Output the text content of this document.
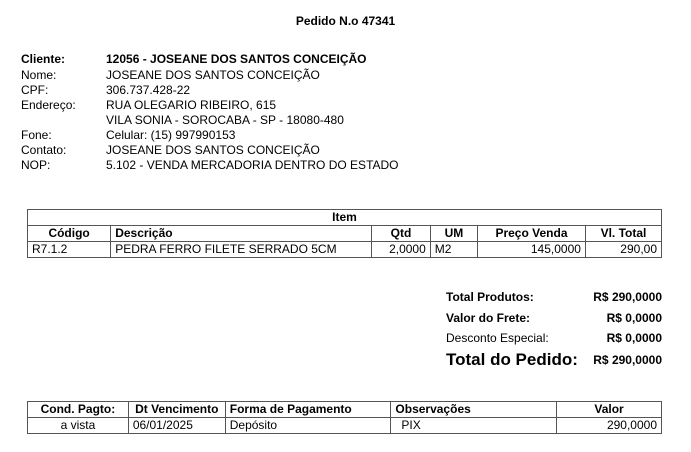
Pedido N.o 47341
Cliente:	12056 - JOSEANE DOS SANTOS CONCEIÇÃO
Nome:	JOSEANE DOS SANTOS CONCEIÇÃO
CPF:	306.737.428-22
Endereço:	RUA OLEGARIO RIBEIRO, 615
VILA SONIA - SOROCABA - SP - 18080-480
Fone:	Celular: (15) 997990153
Contato:	JOSEANE DOS SANTOS CONCEIÇÃO
NOP:	5.102 - VENDA MERCADORIA DENTRO DO ESTADO
Item					
Código	Descrição	Qtd	UM	Preço Venda	Vl. Total
R7.1.2	PEDRA FERRO FILETE SERRADO 5CM	2,0000	M2	145,0000	290,00
Total Produtos:	R$ 290,0000
Valor do Frete:	R$ 0,0000
Desconto Especial:	R$ 0,0000
Total do Pedido: R$ 290,0000
Cond. Pagto:	Dt Vencimento	Forma de Pagamento	Observações	Valor
a vista	06/01/2025	Depósito	PIX	290,0000
